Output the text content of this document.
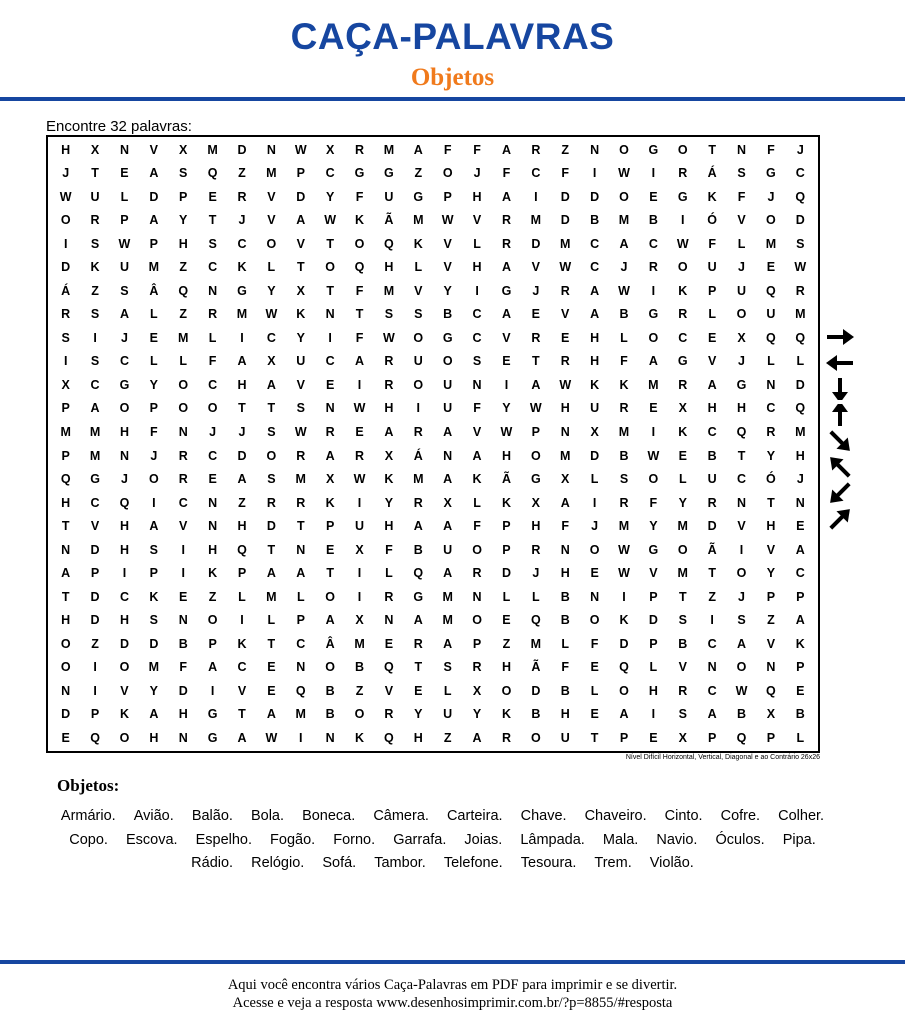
CAÇA-PALAVRAS
Objetos
Encontre 32 palavras:
H	X	N	V	X	M	D	N	W	X	R	M	A	F	F	A	R	Z	N	O	G	O	T	N	F	J
J	T	E	A	S	Q	Z	M	P	C	G	G	Z	O	J	F	C	F	I	W	I	R	Á	S	G	C
W	U	L	D	P	E	R	V	D	Y	F	U	G	P	H	A	I	D	D	O	E	G	K	F	J	Q
O	R	P	A	Y	T	J	V	A	W	K	Ã	M	W	V	R	M	D	B	M	B	I	Ó	V	O	D
I	S	W	P	H	S	C	O	V	T	O	Q	K	V	L	R	D	M	C	A	C	W	F	L	M	S
D	K	U	M	Z	C	K	L	T	O	Q	H	L	V	H	A	V	W	C	J	R	O	U	J	E	W
Á	Z	S	Â	Q	N	G	Y	X	T	F	M	V	Y	I	G	J	R	A	W	I	K	P	U	Q	R
R	S	A	L	Z	R	M	W	K	N	T	S	S	B	C	A	E	V	A	B	G	R	L	O	U	M
S	I	J	E	M	L	I	C	Y	I	F	W	O	G	C	V	R	E	H	L	O	C	E	X	Q	Q
I	S	C	L	L	F	A	X	U	C	A	R	U	O	S	E	T	R	H	F	A	G	V	J	L	L
X	C	G	Y	O	C	H	A	V	E	I	R	O	U	N	I	A	W	K	K	M	R	A	G	N	D
P	A	O	P	O	O	T	T	S	N	W	H	I	U	F	Y	W	H	U	R	E	X	H	H	C	Q
M	M	H	F	N	J	J	S	W	R	E	A	R	A	V	W	P	N	X	M	I	K	C	Q	R	M
P	M	N	J	R	C	D	O	R	A	R	X	Á	N	A	H	O	M	D	B	W	E	B	T	Y	H
Q	G	J	O	R	E	A	S	M	X	W	K	M	A	K	Ã	G	X	L	S	O	L	U	C	Ó	J
H	C	Q	I	C	N	Z	R	R	K	I	Y	R	X	L	K	X	A	I	R	F	Y	R	N	T	N
T	V	H	A	V	N	H	D	T	P	U	H	A	A	F	P	H	F	J	M	Y	M	D	V	H	E
N	D	H	S	I	H	Q	T	N	E	X	F	B	U	O	P	R	N	O	W	G	O	Ã	I	V	A
A	P	I	P	I	K	P	A	A	T	I	L	Q	A	R	D	J	H	E	W	V	M	T	O	Y	C
T	D	C	K	E	Z	L	M	L	O	I	R	G	M	N	L	L	B	N	I	P	T	Z	J	P	P
H	D	H	S	N	O	I	L	P	A	X	N	A	M	O	E	Q	B	O	K	D	S	I	S	Z	A
O	Z	D	D	B	P	K	T	C	Â	M	E	R	A	P	Z	M	L	F	D	P	B	C	A	V	K
O	I	O	M	F	A	C	E	N	O	B	Q	T	S	R	H	Ã	F	E	Q	L	V	N	O	N	P
N	I	V	Y	D	I	V	E	Q	B	Z	V	E	L	X	O	D	B	L	O	H	R	C	W	Q	E
D	P	K	A	H	G	T	A	M	B	O	R	Y	U	Y	K	B	H	E	A	I	S	A	B	X	B
E	Q	O	H	N	G	A	W	I	N	K	Q	H	Z	A	R	O	U	T	P	E	X	P	Q	P	L
Nível Difícil Horizontal, Vertical, Diagonal e ao Contrário 26x26
Objetos:
Armário. Avião. Balão. Bola. Boneca. Câmera. Carteira. Chave. Chaveiro. Cinto. Cofre. Colher. Copo. Escova. Espelho. Fogão. Forno. Garrafa. Joias. Lâmpada. Mala. Navio. Óculos. Pipa. Rádio. Relógio. Sofá. Tambor. Telefone. Tesoura. Trem. Violão.
Aqui você encontra vários Caça-Palavras em PDF para imprimir e se divertir.
Acesse e veja a resposta www.desenhosimprimir.com.br/?p=8855/#resposta
